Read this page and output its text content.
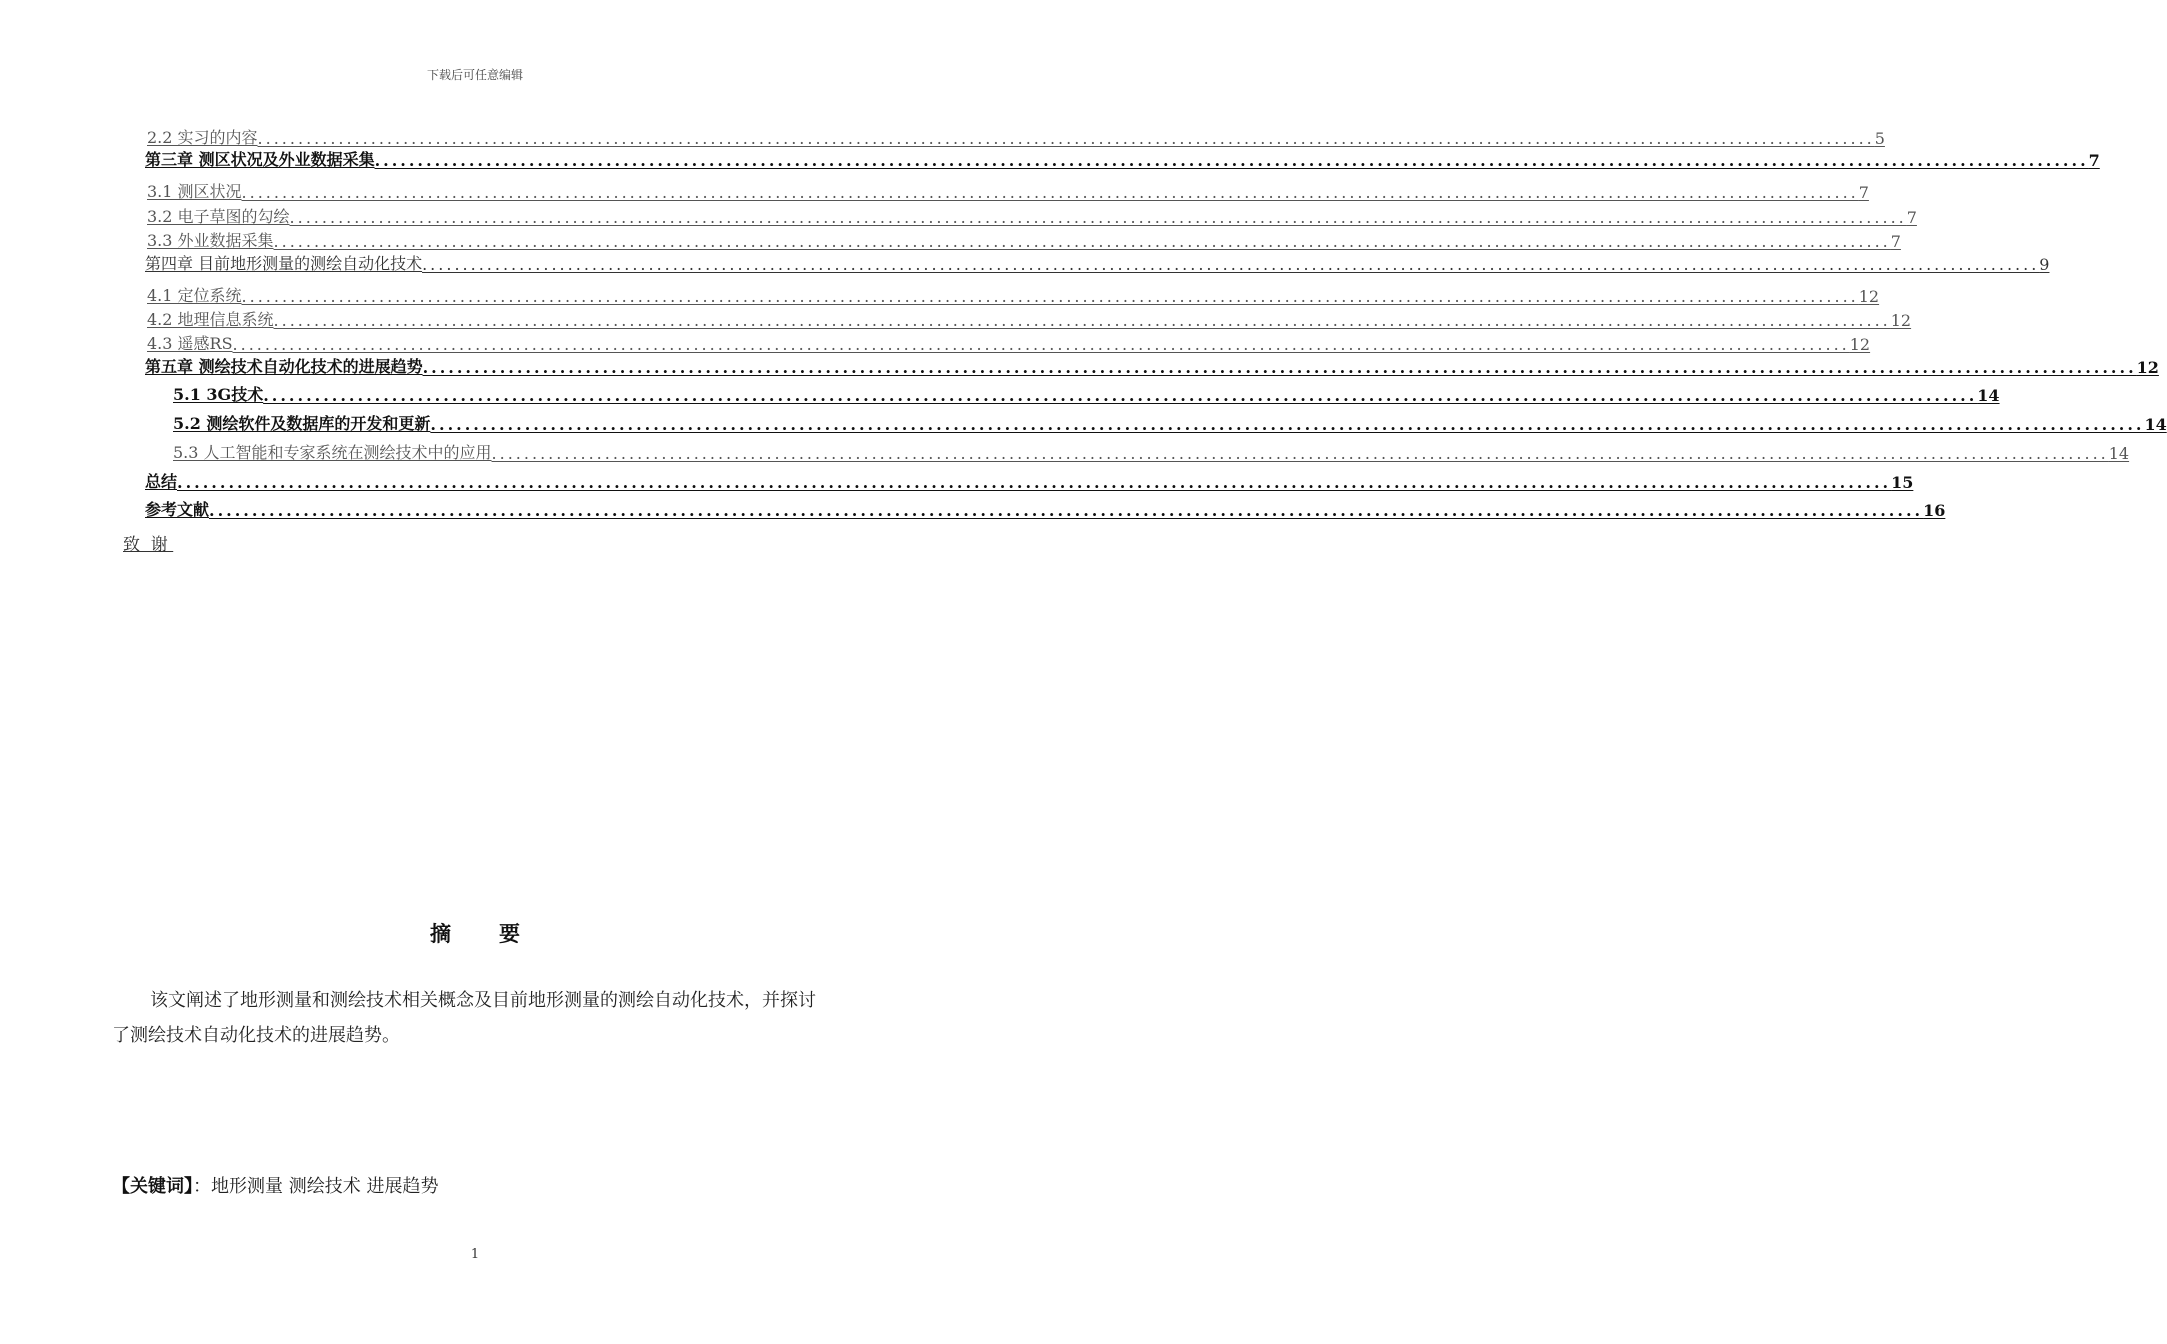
下载后可任意编辑
2.2 实习的内容 ........................................................................................................................................................................................................ 5
第三章 测区状况及外业数据采集 ........................................................................................................................................................................................................ 7
3.1 测区状况 ........................................................................................................................................................................................................ 7
3.2 电子草图的勾绘 ........................................................................................................................................................................................................ 7
3.3 外业数据采集 ........................................................................................................................................................................................................ 7
第四章 目前地形测量的测绘自动化技术 ........................................................................................................................................................................................................ 9
4.1 定位系统 ........................................................................................................................................................................................................ 12
4.2 地理信息系统 ........................................................................................................................................................................................................ 12
4.3 遥感RS ........................................................................................................................................................................................................ 12
第五章 测绘技术自动化技术的进展趋势 ........................................................................................................................................................................................................ 12
5.1 3G技术 ........................................................................................................................................................................................................ 14
5.2 测绘软件及数据库的开发和更新 ........................................................................................................................................................................................................ 14
5.3 人工智能和专家系统在测绘技术中的应用 ........................................................................................................................................................................................................ 14
总结 ........................................................................................................................................................................................................ 15
参考文献 ........................................................................................................................................................................................................ 16
致  谢
摘要
该文阐述了地形测量和测绘技术相关概念及目前地形测量的测绘自动化技术，并探讨了测绘技术自动化技术的进展趋势。
【关键词】：地形测量 测绘技术 进展趋势
1
